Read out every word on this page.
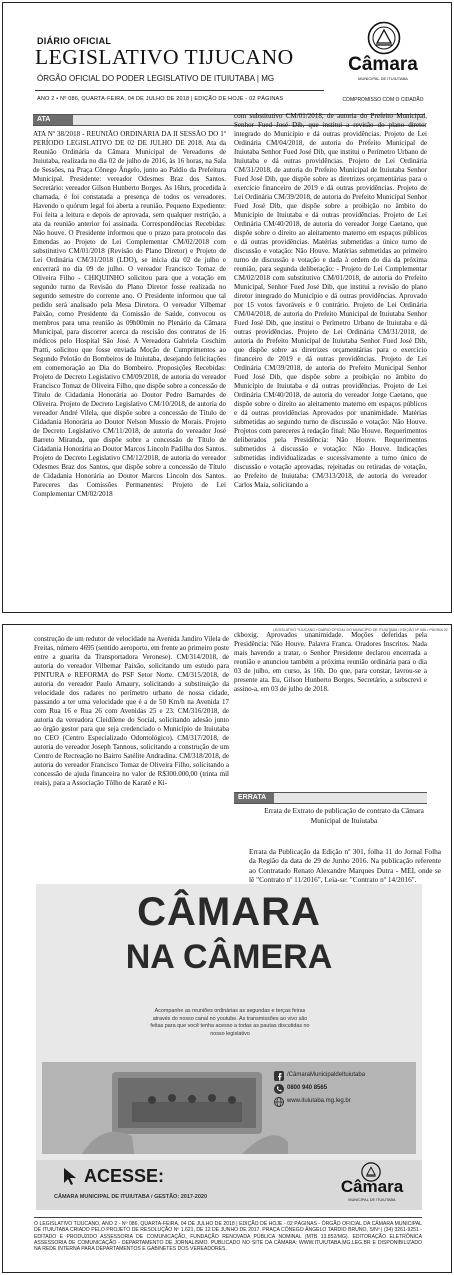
DIÁRIO OFICIAL
LEGISLATIVO TIJUCANO
ÓRGÃO OFICIAL DO PODER LEGISLATIVO DE ITUIUTABA | MG
ANO 2 • Nº 086, QUARTA-FEIRA, 04 DE JULHO DE 2018 | EDIÇÃO DE HOJE - 02 PÁGINAS
Câmara
MUNICIPAL DE ITUIUTABA
COMPROMISSO COM O CIDADÃO
ATA

ATA Nº 38/2018 - REUNIÃO ORDINÁRIA DA II SESSÃO DO 1º PERÍODO LEGISLATIVO DE 02 DE JULHO DE 2018. Ata da Reunião Ordinária da Câmara Municipal de Vereadores de Ituiutaba, realizada no dia 02 de julho de 2016, às 16 horas, na Sala de Sessões, na Praça Cônego Ângelo, junto ao Paldio da Prefeitura Municipal. Presidente: vereador Odesmes Braz dos Santos. Secretário: vereador Gilson Hunberto Borges. As 16hrs, procedida à chamada, é foi constatada a presença de todos os vereadores. Havendo o quórum legal foi aberta a reunião. Pequeno Expediente: Foi feita a leitura e depois de aprovada, sem qualquer restrição, a ata da reunião anterior foi assinada. Correspondências Recebidas: Não houve. O Presidente informou que o prazo para protocolo das Emendas ao Projeto de Lei Complementar CM/02/2018 com substitutivo CM/01/2018 (Revisão do Plano Diretor) e Projeto de Lei Ordinária CM/31/2018 (LDO), se inicia dia 02 de julho e encerrará no dia 09 de julho. O vereador Francisco Tomaz de Oliveira Filho - CHIQUINHO solicitou para que a votação em segundo turno da Revisão do Plano Diretor fosse realizada no segundo semestre do corrente ano. O Presidente informou que tal pedido será analisado pela Mesa Diretora. O vereador Vilbemar Paixão, como Presidente da Comissão de Saúde, convocou os membros para uma reunião às 09h00min no Plenário da Câmara Municipal, para discorrer acerca da rescisão dos contratos de 16 médicos pelo Hospital São José. A Vereadora Gabriela Ceschim Pratti, solicitou que fosse enviada Moção de Cumprimentos ao Segundo Pelotão do Bombeiros de Ituiutaba, desejando felicitações em comemoração ao Dia do Bombeiro. Proposições Recebidas: Projeto de Decreto Legislativo CM/09/2018, de autoria do vereador Francisco Tomaz de Oliveira Filho, que dispõe sobre a concessão de Título de Cidadania Honorária ao Doutor Pedro Barnardes de Oliveira. Projeto de Decreto Legislativo CM/10/2018, de autoria do vereador André Vilela, que dispõe sobre a concessão de Título de Cidadania Honorária ao Doutor Nelson Mussio de Morais. Projeto de Decreto Legislativo CM/11/2018, de autoria do vereador José Barreto Miranda, que dispõe sobre a concessão de Título de Cidadania Honorária ao Doutor Marcos Lincoln Padilha dos Santos. Projeto de Decreto Legislativo CM/12/2018, de autoria do vereador Odesmes Braz dos Santos, que dispõe sobre a concessão de Título de Cidadania Honorária ao Doutor Marcos Lincoln dos Santos. Pareceres das Comissões Permanentes: Projeto de Lei Complementar CM/02/2018

com substitutivo CM/01/2018, de autoria do Prefeito Municipal, Senhor Fued José Dib, que institui a revisão do plano diretor integrado do Município e dá outras providências. Projeto de Lei Ordinária CM/04/2018, de autoria do Prefeito Municipal de Ituiutaba Senhor Fued José Dib, que institui o Perímetro Urbano de Ituiutaba e dá outras providências. Projeto de Lei Ordinária CM/31/2018, de autoria do Prefeito Municipal de Ituiutaba Senhor Fued José Dib, que dispõe sobre as diretrizes orçamentárias para o exercício financeiro de 2019 e dá outras providências. Projeto de Lei Ordinária CM/39/2018, de autoria do Prefeito Municipal Senhor Fued José Dib, que dispõe sobre a proibição no âmbito do Município de Ituiutaba e dá outras providências. Projeto de Lei Ordinária CM/40/2018, de autoria do vereador Jorge Caetano, que dispõe sobre o direito ao aleitamento materno em espaços públicos e dá outras providências. Matérias submetidas a único turno de discussão e votação: Não Houve. Matérias submetidas ao primeiro turno de discussão e votação e dada à ordem do dia da próxima reunião, para segunda deliberação: - Projeto de Lei Complementar CM/02/2018 com substitutivo CM/01/2018, de autoria do Prefeito Municipal, Senhor Fued José Dib, que institui a revisão do plano diretor integrado do Município e dá outras providências. Aprovado por 15 votos favoráveis e 0 contrário. Projeto de Lei Ordinária CM/04/2018, de autoria do Prefeito Municipal de Ituiutaba Senhor Fued José Dib, que institui o Perímetro Urbano de Ituiutaba e dá outras providências. Projeto de Lei Ordinária CM/31/2018, de autoria do Prefeito Municipal de Ituiutaba Senhor Fued José Dib, que dispõe sobre as diretrizes orçamentárias para o exercício financeiro de 2019 e dá outras providências. Projeto de Lei Ordinária CM/39/2018, de autoria do Prefeito Municipal Senhor Fued José Dib, que dispõe sobre a proibição no âmbito do Município de Ituiutaba e dá outras providências. Projeto de Lei Ordinária CM/40/2018, de autoria do vereador Jorge Caetano, que dispõe sobre o direito ao aleitamento materno em espaços públicos e dá outras providências Aprovados por unanimidade. Matérias submetidas ao segundo turno de discussão e votação: Não Houve. Projetos com pareceres à redação final: Não Houve. Requerimentos deliberados pela Presidência: Não Houve. Requerimentos submetidos à discussão e votação: Não Houve. Indicações submetidas individualizadas e sucessivamente a turno único de discussão e votação aprovadas, rejeitadas ou retiradas de votação, ao Prefeito de Ituiutaba: CM/313/2018, de autoria do vereador Carlos Maia, solicitando a

LEGISLATIVO TIJUCANO • DIÁRIO OFICIAL DO MUNICÍPIO DE ITUIUTABA • EDIÇÃO Nº 086 • PÁGINA 02

construção de um redutor de velocidade na Avenida Jandiro Vilela de Freitas, número 4695 (sentido aeroporto, em frente ao primeiro poste entre a guarita da Transportadora Veronese). CM/314/2018, de autoria do vereador Vilbemar Paixão, solicitando um estudo para PINTURA e REFORMA do PSF Setor Norte. CM/315/2018, de autoria do vereador Paulo Amaury, solicitando a substituição da velocidade dos radares no perímetro urbano de nossa cidade, passando a ter uma velocidade que é a de 50 Km/h na Avenida 17 com Rua 16 e Rua 26 com Avenidas 25 e 23. CM/316/2018, de autoria da vereadora Cleidilene do Social, solicitando adesão junto ao órgão gestor para que seja credenciado o Município de Ituiutaba no CEO (Centro Especializado Odontológico). CM/317/2018, de autoria do vereador Joseph Tannous, solicitando a construção de um Centro de Recreação no Bairro Satélite Andradina. CM/318/2018, de autoria do vereador Francisco Tomaz de Oliveira Filho, solicitando a concessão de ajuda financeira no valor de R$300.000,00 (trinta mil reais), para a Associação Tôlho de Karatê e Ki-

ckboxig. Aprovados unanimidade. Moções deferidas pela Presidência: Não Houve. Palavra Franca. Oradores Inscritos. Nada mais havendo a tratar, o Senhor Presidente declarou encerrada a reunião e anunciou também a próxima reunião ordinária para o dia 03 de julho, em curso, às 16h. Do que, para constar, lavrou-se a presente ata. Eu, Gilson Hunberto Borges, Secretário, a subscrevi e assino-a, em 03 de julho de 2018.

ERRATA
Errata de Extrato de publicação de contrato da Câmara Municipal de Ituiutaba
Errata da Publicação da Edição nº 301, folha 11 do Jornal Folha da Região da data de 29 de Junho 2016. Na publicação referente ao Contratado Renato Alexandre Marques Dutra - MEI, onde se lê "Contrato nº 11/2016", Leia-se: "Contrato nº 14/2016".
CÂMARA
NA CÂMERA
Acompanhe as reuniões ordinárias as segundas e terças feiras através do nosso canal no youtube. As transmissões ao vivo são feitas para que você tenha acesso a todas as pautas discutidas no nosso legislativo
/CâmaraMunicipaldeItuiutaba
0800 940 8565
www.ituiutaba.mg.leg.br
ACESSE:
CÂMARA MUNICIPAL DE ITUIUTABA / GESTÃO: 2017-2020
Câmara
MUNICIPAL DE ITUIUTABA
O LEGISLATIVO TIJUCANO, ANO 2 - Nº 086, QUARTA-FEIRA, 04 DE JULHO DE 2018 | EDIÇÃO DE HOJE - 02 PÁGINAS - ÓRGÃO OFICIAL DA CÂMARA MUNICIPAL DE ITUIUTABA CRIADO PELO PROJETO DE RESOLUÇÃO Nº 1.621, DE 12 DE JUNHO DE 2017. PRAÇA CÔNEGO ÂNGELO TARDIO BRUNO, S/Nº | (34) 3261-9251 - EDITADO E PRODUZIDO ASSESSORIA DE COMUNICAÇÃO, FUNDAÇÃO RENOVADA PÚBLICA NOMINAL (MTB 13.852/MG). EDITORAÇÃO ELETRÔNICA ASSESSORIA DE COMUNICAÇÃO - DEPARTAMENTO DE JORNALISMO. PUBLICADO NO SITE DA CÂMARA: WWW.ITUIUTABA.MG.LEG.BR E DISPONIBILIZADO NA REDE INTERNA PARA DEPARTAMENTOS E GABINETES DOS VEREADORES.
